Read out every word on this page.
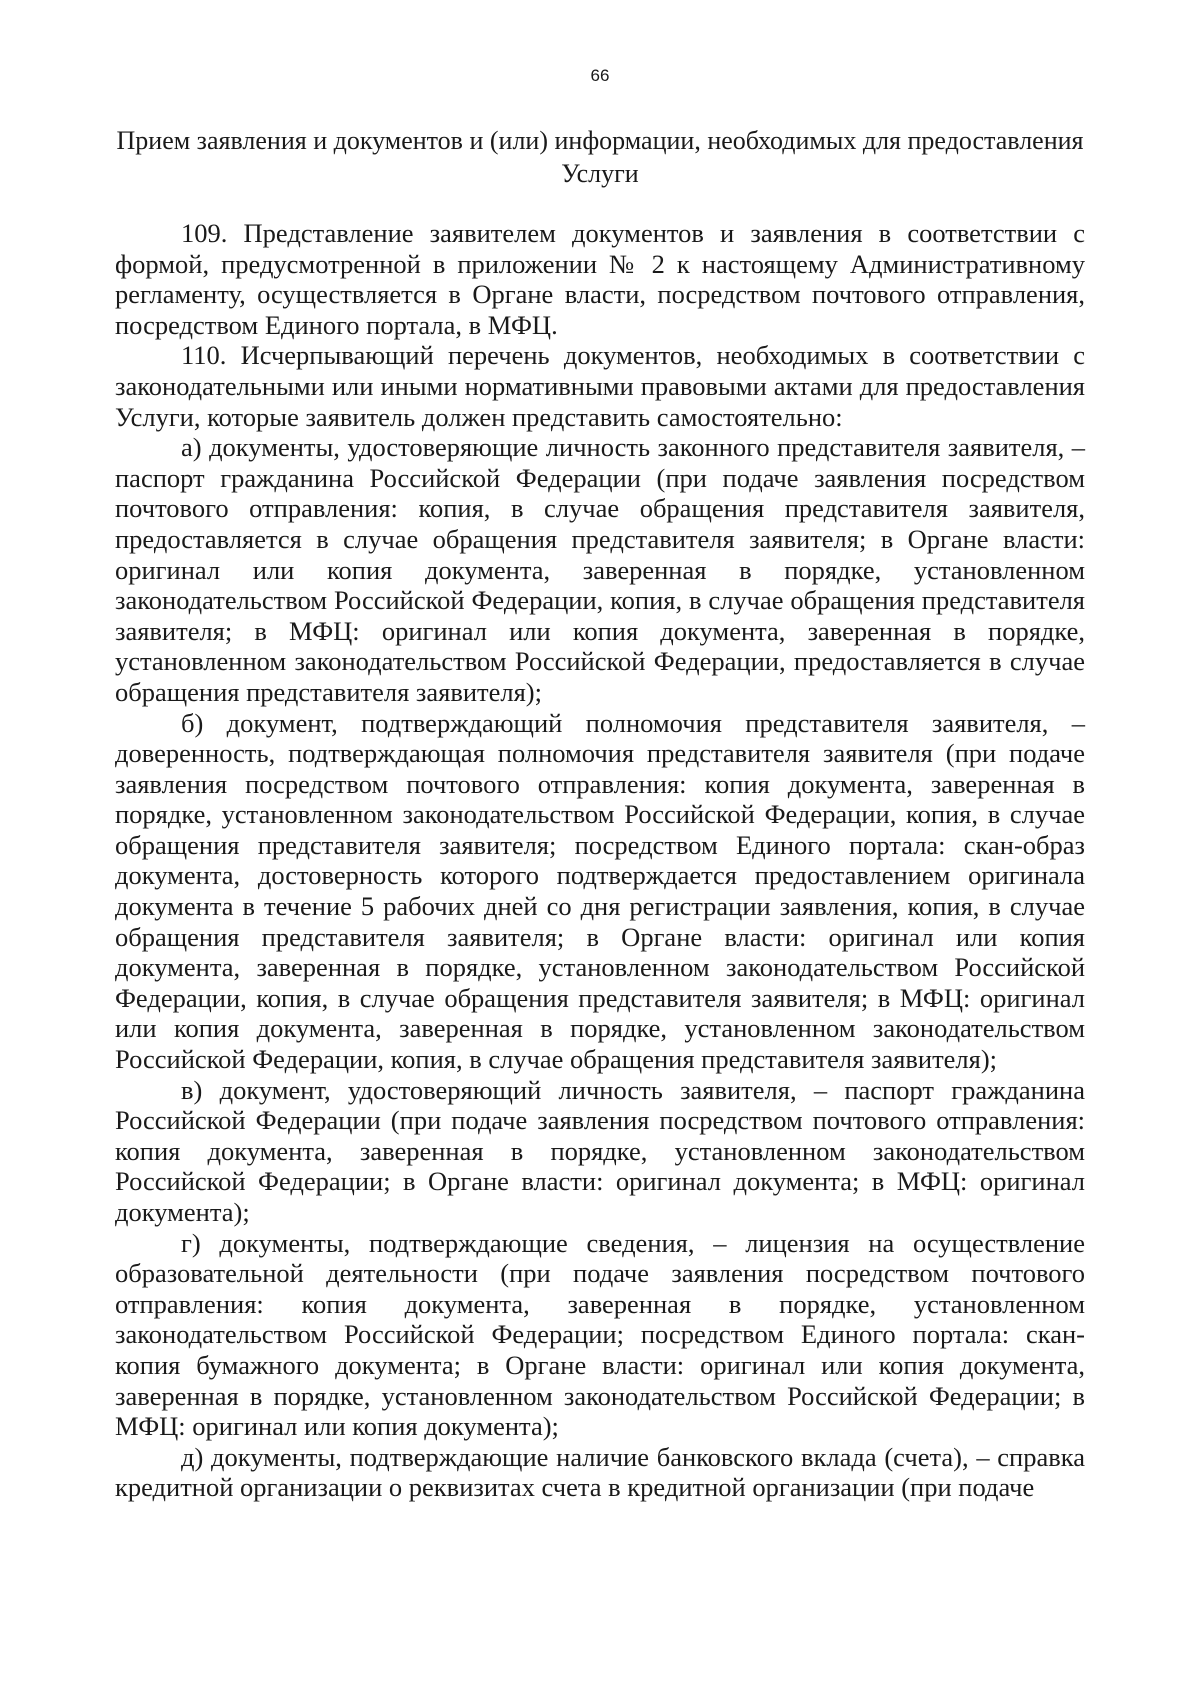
66
Прием заявления и документов и (или) информации, необходимых для предоставления Услуги

109. Представление заявителем документов и заявления в соответствии с формой, предусмотренной в приложении № 2 к настоящему Административному регламенту, осуществляется в Органе власти, посредством почтового отправления, посредством Единого портала, в МФЦ.

110. Исчерпывающий перечень документов, необходимых в соответствии с законодательными или иными нормативными правовыми актами для предоставления Услуги, которые заявитель должен представить самостоятельно:

а) документы, удостоверяющие личность законного представителя заявителя, – паспорт гражданина Российской Федерации (при подаче заявления посредством почтового отправления: копия, в случае обращения представителя заявителя, предоставляется в случае обращения представителя заявителя; в Органе власти: оригинал или копия документа, заверенная в порядке, установленном законодательством Российской Федерации, копия, в случае обращения представителя заявителя; в МФЦ: оригинал или копия документа, заверенная в порядке, установленном законодательством Российской Федерации, предоставляется в случае обращения представителя заявителя);

б) документ, подтверждающий полномочия представителя заявителя, – доверенность, подтверждающая полномочия представителя заявителя (при подаче заявления посредством почтового отправления: копия документа, заверенная в порядке, установленном законодательством Российской Федерации, копия, в случае обращения представителя заявителя; посредством Единого портала: скан-образ документа, достоверность которого подтверждается предоставлением оригинала документа в течение 5 рабочих дней со дня регистрации заявления, копия, в случае обращения представителя заявителя; в Органе власти: оригинал или копия документа, заверенная в порядке, установленном законодательством Российской Федерации, копия, в случае обращения представителя заявителя; в МФЦ: оригинал или копия документа, заверенная в порядке, установленном законодательством Российской Федерации, копия, в случае обращения представителя заявителя);

в) документ, удостоверяющий личность заявителя, – паспорт гражданина Российской Федерации (при подаче заявления посредством почтового отправления: копия документа, заверенная в порядке, установленном законодательством Российской Федерации; в Органе власти: оригинал документа; в МФЦ: оригинал документа);

г) документы, подтверждающие сведения, – лицензия на осуществление образовательной деятельности (при подаче заявления посредством почтового отправления: копия документа, заверенная в порядке, установленном законодательством Российской Федерации; посредством Единого портала: скан-копия бумажного документа; в Органе власти: оригинал или копия документа, заверенная в порядке, установленном законодательством Российской Федерации; в МФЦ: оригинал или копия документа);

д) документы, подтверждающие наличие банковского вклада (счета), – справка кредитной организации о реквизитах счета в кредитной организации (при подаче
